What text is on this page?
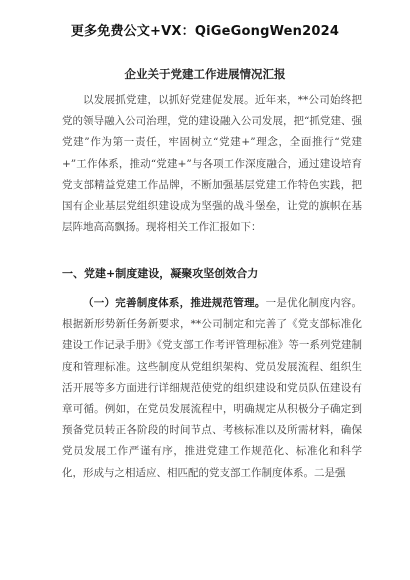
更多免费公文+VX：QiGeGongWen2024
企业关于党建工作进展情况汇报
以发展抓党建，以抓好党建促发展。近年来，**公司始终把党的领导融入公司治理，党的建设融入公司发展，把“抓党建、强党建”作为第一责任，牢固树立“党建+”理念，全面推行“党建+”工作体系，推动“党建+”与各项工作深度融合，通过建设培育党支部精益党建工作品牌，不断加强基层党建工作特色实践，把国有企业基层党组织建设成为坚强的战斗堡垒，让党的旗帜在基层阵地高高飘扬。现将相关工作汇报如下：
一、党建+制度建设，凝聚攻坚创效合力
（一）完善制度体系，推进规范管理。一是优化制度内容。根据新形势新任务新要求，**公司制定和完善了《党支部标准化建设工作记录手册》《党支部工作考评管理标准》等一系列党建制度和管理标准。这些制度从党组织架构、党员发展流程、组织生活开展等多方面进行详细规范使党的组织建设和党员队伍建设有章可循。例如，在党员发展流程中，明确规定从积极分子确定到预备党员转正各阶段的时间节点、考核标准以及所需材料，确保党员发展工作严谨有序，推进党建工作规范化、标准化和科学化，形成与之相适应、相匹配的党支部工作制度体系。二是强
